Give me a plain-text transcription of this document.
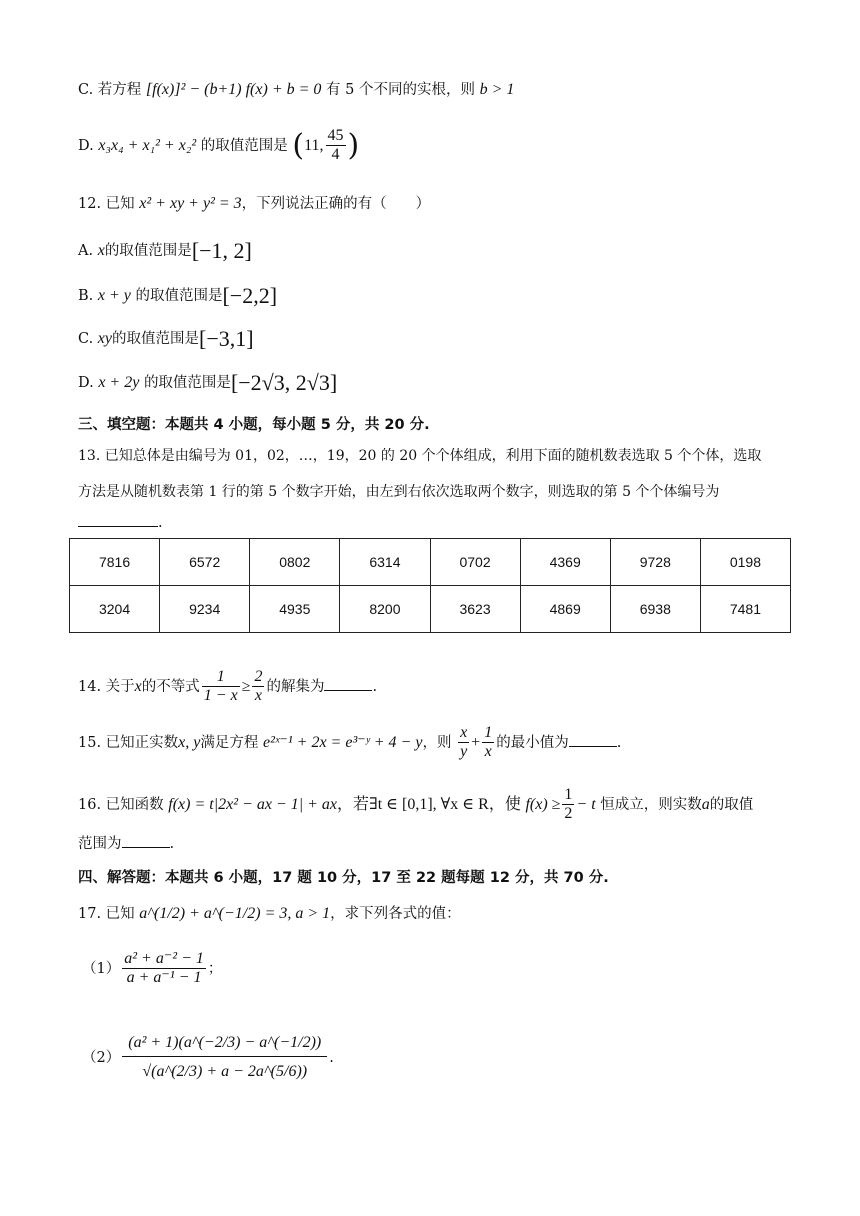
C. 若方程 [f(x)]² − (b+1) f(x) + b = 0 有 5 个不同的实根，则 b > 1
D. x₃x₄ + x₁² + x₂² 的取值范围是 (11, $\frac{45}{4}$ )
12. 已知 x² + xy + y² = 3，下列说法正确的有（　　）
A. x的取值范围是[−1, 2]
B. x + y 的取值范围是[−2,2]
C. xy的取值范围是[−3,1]
D. x + 2y 的取值范围是[−2√3, 2√3]
三、填空题：本题共 4 小题，每小题 5 分，共 20 分.
13. 已知总体是由编号为 01，02，…，19，20 的 20 个个体组成，利用下面的随机数表选取 5 个个体，选取
方法是从随机数表第 1 行的第 5 个数字开始，由左到右依次选取两个数字，则选取的第 5 个个体编号为
.
7816	6572	0802	6314	0702	4369	9728	0198
3204	9234	4935	8200	3623	4869	6938	7481
14. 关于x的不等式 $\frac{1}{1 - x} \ge \frac{2}{x}$ 的解集为	.
15. 已知正实数x, y满足方程 e²ˣ⁻¹ + 2x = e³⁻ʸ + 4 − y，则 $\frac{x}{y} + \frac{1}{x}$ 的最小值为	.
16. 已知函数 f(x) = t|2x² − ax − 1| + ax，若∃t ∈ [0,1], ∀x ∈ R，使 $f(x) \ge \frac{1}{2} - t$ 恒成立，则实数a的取值
范围为	.
四、解答题：本题共 6 小题，17 题 10 分，17 至 22 题每题 12 分，共 70 分.
17. 已知 a^(1/2) + a^(−1/2) = 3, a > 1，求下列各式的值：
$(1) \frac{\text{a² + a⁻² − 1}}{\text{a + a⁻¹ − 1}}$ ；
$(2) \frac{\text{(a² + 1)(a\textasciicircum{}(−2/3) − a\textasciicircum{}(−1/2))}}{√(a\^{}(2/3) + a - 2a\^{}(5/6))}$ .
